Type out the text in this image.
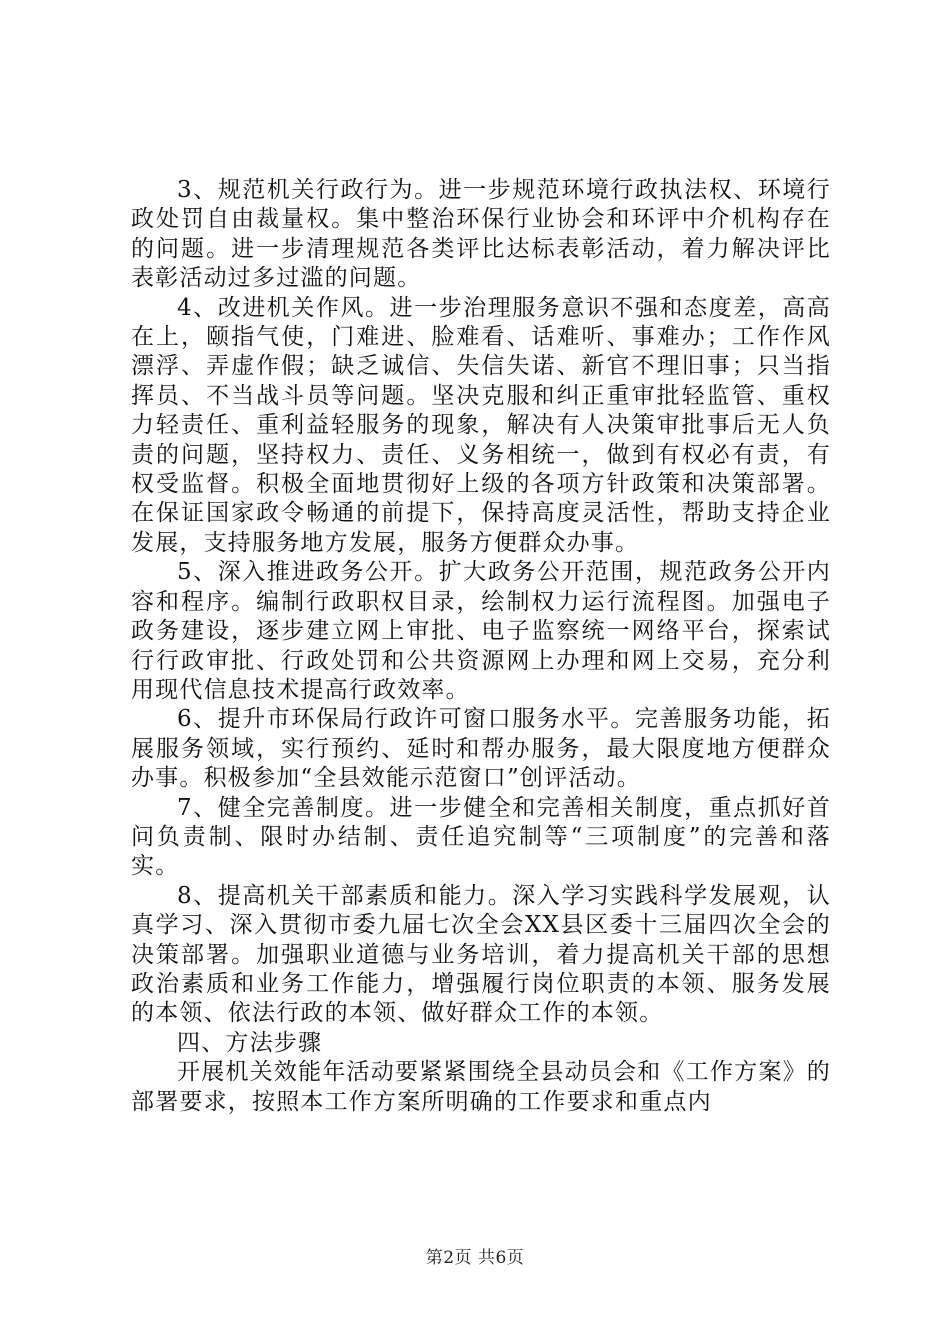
3、规范机关行政行为。进一步规范环境行政执法权、环境行政处罚自由裁量权。集中整治环保行业协会和环评中介机构存在的问题。进一步清理规范各类评比达标表彰活动，着力解决评比表彰活动过多过滥的问题。

4、改进机关作风。进一步治理服务意识不强和态度差，高高在上，颐指气使，门难进、脸难看、话难听、事难办；工作作风漂浮、弄虚作假；缺乏诚信、失信失诺、新官不理旧事；只当指挥员、不当战斗员等问题。坚决克服和纠正重审批轻监管、重权力轻责任、重利益轻服务的现象，解决有人决策审批事后无人负责的问题，坚持权力、责任、义务相统一，做到有权必有责，有权受监督。积极全面地贯彻好上级的各项方针政策和决策部署。在保证国家政令畅通的前提下，保持高度灵活性，帮助支持企业发展，支持服务地方发展，服务方便群众办事。

5、深入推进政务公开。扩大政务公开范围，规范政务公开内容和程序。编制行政职权目录，绘制权力运行流程图。加强电子政务建设，逐步建立网上审批、电子监察统一网络平台，探索试行行政审批、行政处罚和公共资源网上办理和网上交易，充分利用现代信息技术提高行政效率。

6、提升市环保局行政许可窗口服务水平。完善服务功能，拓展服务领域，实行预约、延时和帮办服务，最大限度地方便群众办事。积极参加“全县效能示范窗口”创评活动。

7、健全完善制度。进一步健全和完善相关制度，重点抓好首问负责制、限时办结制、责任追究制等“三项制度”的完善和落实。

8、提高机关干部素质和能力。深入学习实践科学发展观，认真学习、深入贯彻市委九届七次全会XX县区委十三届四次全会的决策部署。加强职业道德与业务培训，着力提高机关干部的思想政治素质和业务工作能力，增强履行岗位职责的本领、服务发展的本领、依法行政的本领、做好群众工作的本领。

四、方法步骤

开展机关效能年活动要紧紧围绕全县动员会和《工作方案》的部署要求，按照本工作方案所明确的工作要求和重点内

第2页 共6页
